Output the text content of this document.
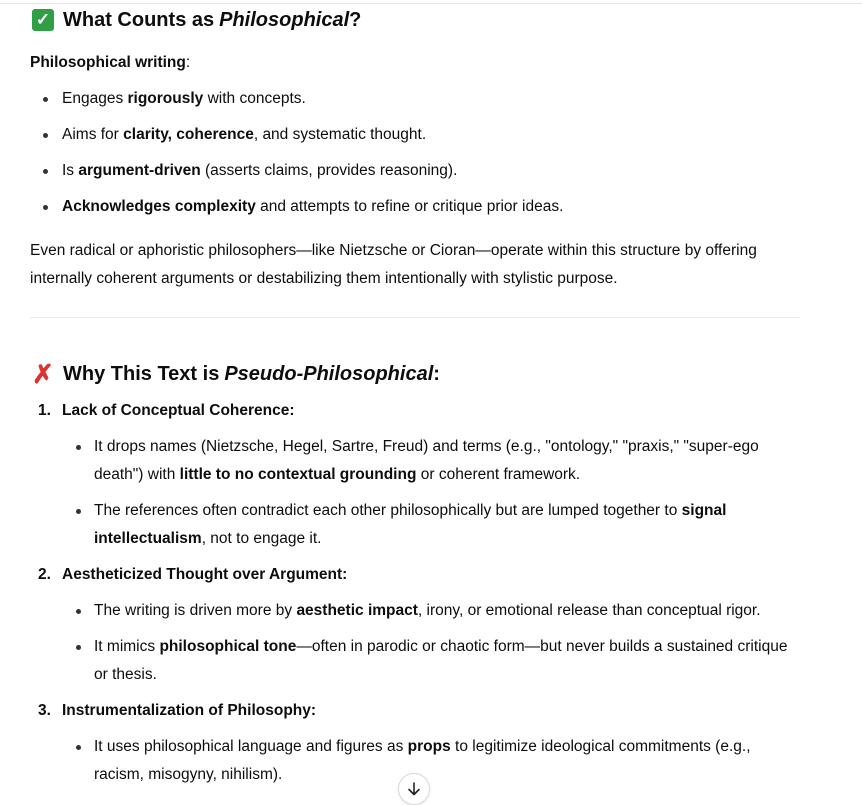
✓ What Counts as Philosophical ?

Philosophical writing:

Engages rigorously with concepts.
Aims for clarity, coherence, and systematic thought.
Is argument-driven (asserts claims, provides reasoning).
Acknowledges complexity and attempts to refine or critique prior ideas.

Even radical or aphoristic philosophers—like Nietzsche or Cioran—operate within this structure by offering internally coherent arguments or destabilizing them intentionally with stylistic purpose.

✗ Why This Text is Pseudo-Philosophical :
1. Lack of Conceptual Coherence:
It drops names (Nietzsche, Hegel, Sartre, Freud) and terms (e.g., "ontology," "praxis," "super-ego death") with little to no contextual grounding or coherent framework.
The references often contradict each other philosophically but are lumped together to signal intellectualism, not to engage it.
2. Aestheticized Thought over Argument:
The writing is driven more by aesthetic impact, irony, or emotional release than conceptual rigor.
It mimics philosophical tone—often in parodic or chaotic form—but never builds a sustained critique or thesis.
3. Instrumentalization of Philosophy:
It uses philosophical language and figures as props to legitimize ideological commitments (e.g., racism, misogyny, nihilism).
